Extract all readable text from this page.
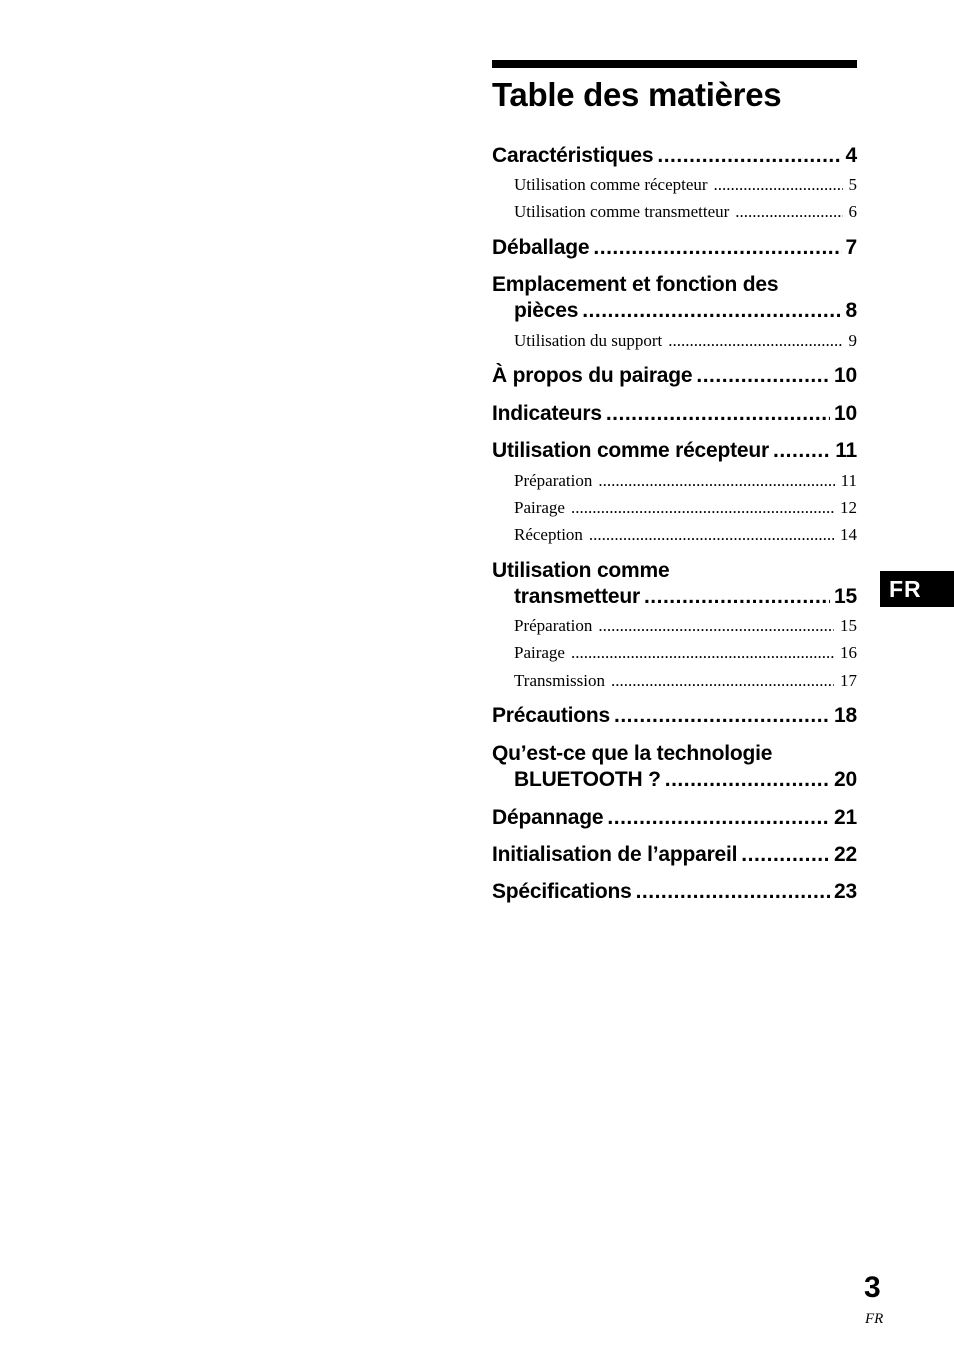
Table des matières
Caractéristiques .....	4
Utilisation comme récepteur .....	5
Utilisation comme transmetteur .....	6
Déballage .....	7
Emplacement et fonction des
pièces .....	8
Utilisation du support .....	9
À propos du pairage .....	10
Indicateurs .....	10
Utilisation comme récepteur .....	11
Préparation .....	11
Pairage .....	12
Réception .....	14
Utilisation comme
transmetteur .....	15
Préparation .....	15
Pairage .....	16
Transmission .....	17
Précautions .....	18
Qu’est-ce que la technologie
BLUETOOTH ? .....	20
Dépannage .....	21
Initialisation de l’appareil .....	22
Spécifications .....	23
FR
3
FR
